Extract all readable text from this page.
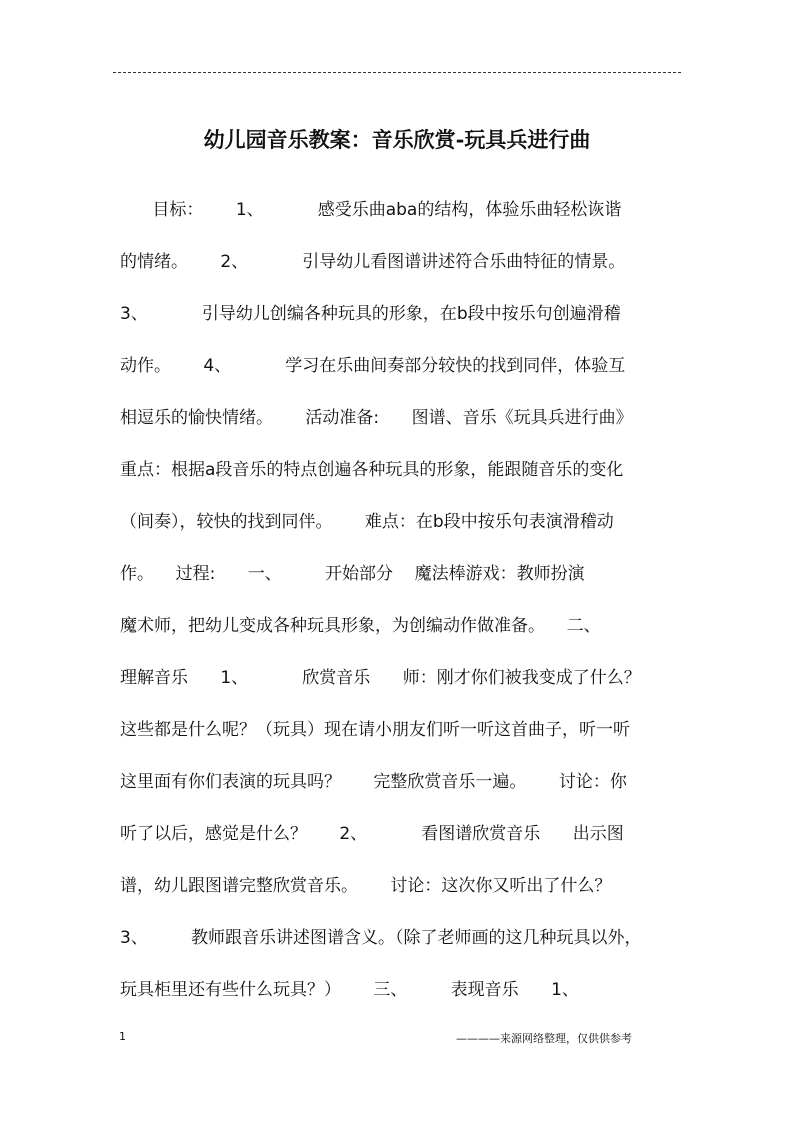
幼儿园音乐教案：音乐欣赏-玩具兵进行曲
目标：      1、          感受乐曲aba的结构，体验乐曲轻松诙谐
的情绪。      2、          引导幼儿看图谱讲述符合乐曲特征的情景。
3、          引导幼儿创编各种玩具的形象，在b段中按乐句创遍滑稽
动作。      4、          学习在乐曲间奏部分较快的找到同伴，体验互
相逗乐的愉快情绪。      活动准备:      图谱、音乐《玩具兵进行曲》
重点：根据a段音乐的特点创遍各种玩具的形象，能跟随音乐的变化
（间奏），较快的找到同伴。      难点：在b段中按乐句表演滑稽动
作。    过程:      一、        开始部分    魔法棒游戏：教师扮演
魔术师，把幼儿变成各种玩具形象，为创编动作做准备。    二、
理解音乐      1、          欣赏音乐      师：刚才你们被我变成了什么？
这些都是什么呢？（玩具）现在请小朋友们听一听这首曲子，听一听
这里面有你们表演的玩具吗？      完整欣赏音乐一遍。      讨论：你
听了以后，感觉是什么？      2、          看图谱欣赏音乐      出示图
谱，幼儿跟图谱完整欣赏音乐。      讨论：这次你又听出了什么？
3、        教师跟音乐讲述图谱含义。（除了老师画的这几种玩具以外，
玩具柜里还有些什么玩具？）      三、        表现音乐      1、
1	————来源网络整理，仅供供参考
